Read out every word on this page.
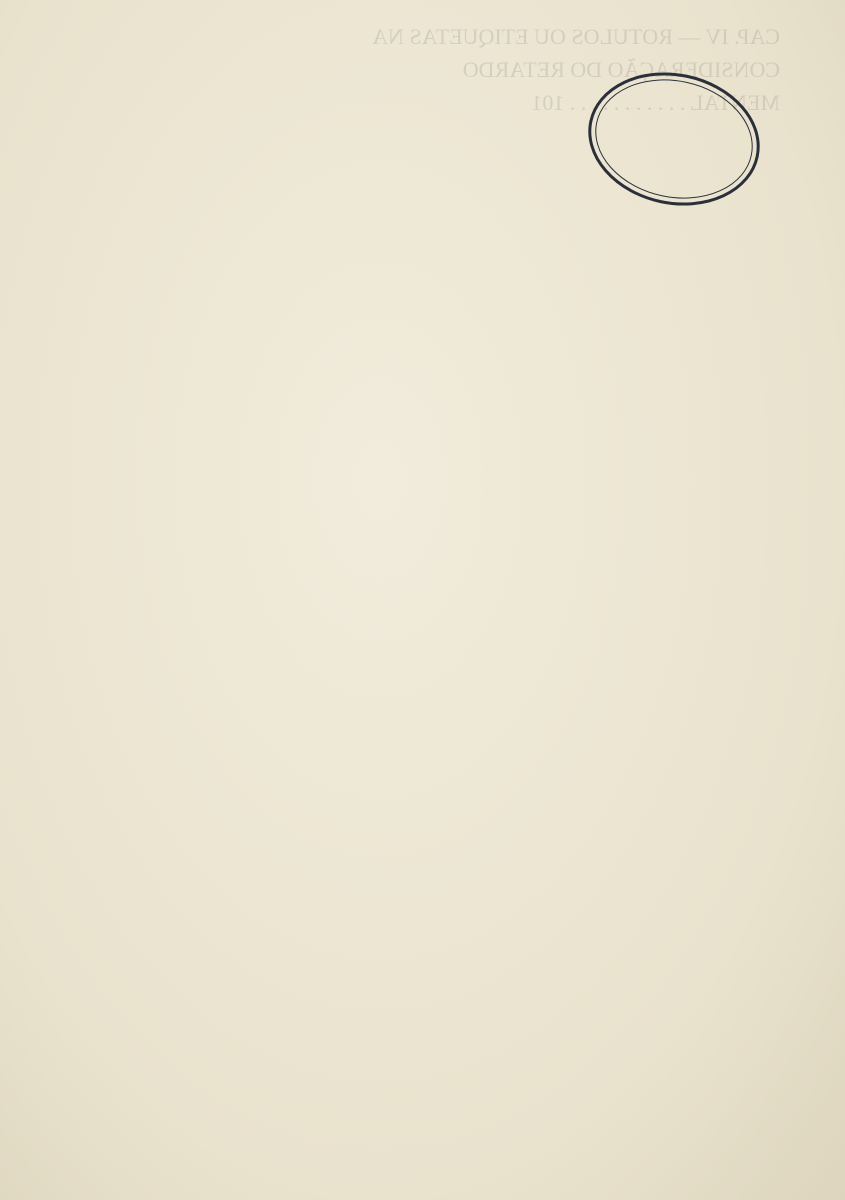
CAP. IV — ROTULOS OU ETIQUETAS NA
CONSIDERAÇÃO DO RETARDO
MENTAL . . . . . . . . . . . 101
